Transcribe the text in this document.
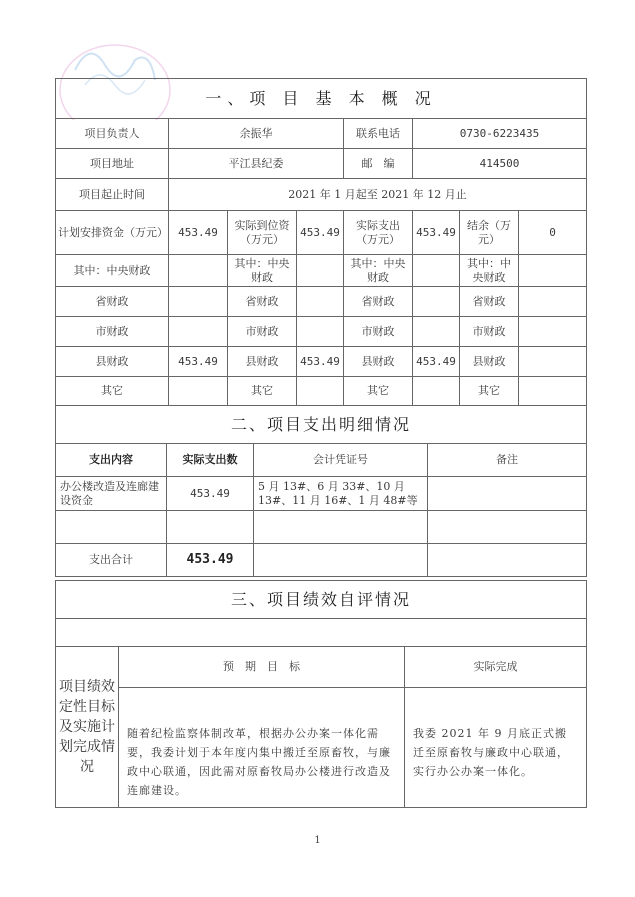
一、项 目 基 本 概 况							
项目负责人	余振华			联系电话	0730-6223435		
项目地址	平江县纪委			邮　编	414500		
项目起止时间	2021 年 1 月起至 2021 年 12 月止						
计划安排资金（万元）	453.49	实际到位资（万元）	453.49	实际支出（万元）	453.49	结余（万元）	0
其中：中央财政		其中：中央财政		其中：中央财政		其中：中央财政	
省财政		省财政		省财政		省财政	
市财政		市财政		市财政		市财政	
县财政	453.49	县财政	453.49	县财政	453.49	县财政	
其它		其它		其它		其它	
二、项目支出明细情况			
支出内容	实际支出数	会计凭证号	备注
办公楼改造及连廊建设资金	453.49	5 月 13#、6 月 33#、10 月 13#、11 月 16#、1 月 48#等	

支出合计	453.49		
三、项目绩效自评情况		

项目绩效定性目标及实施计划完成情况	预　期　目　标	实际完成
	随着纪检监察体制改革，根据办公办案一体化需要，我委计划于本年度内集中搬迁至原畜牧，与廉政中心联通，因此需对原畜牧局办公楼进行改造及连廊建设。	我委 2021 年 9 月底正式搬迁至原畜牧与廉政中心联通，实行办公办案一体化。
1
